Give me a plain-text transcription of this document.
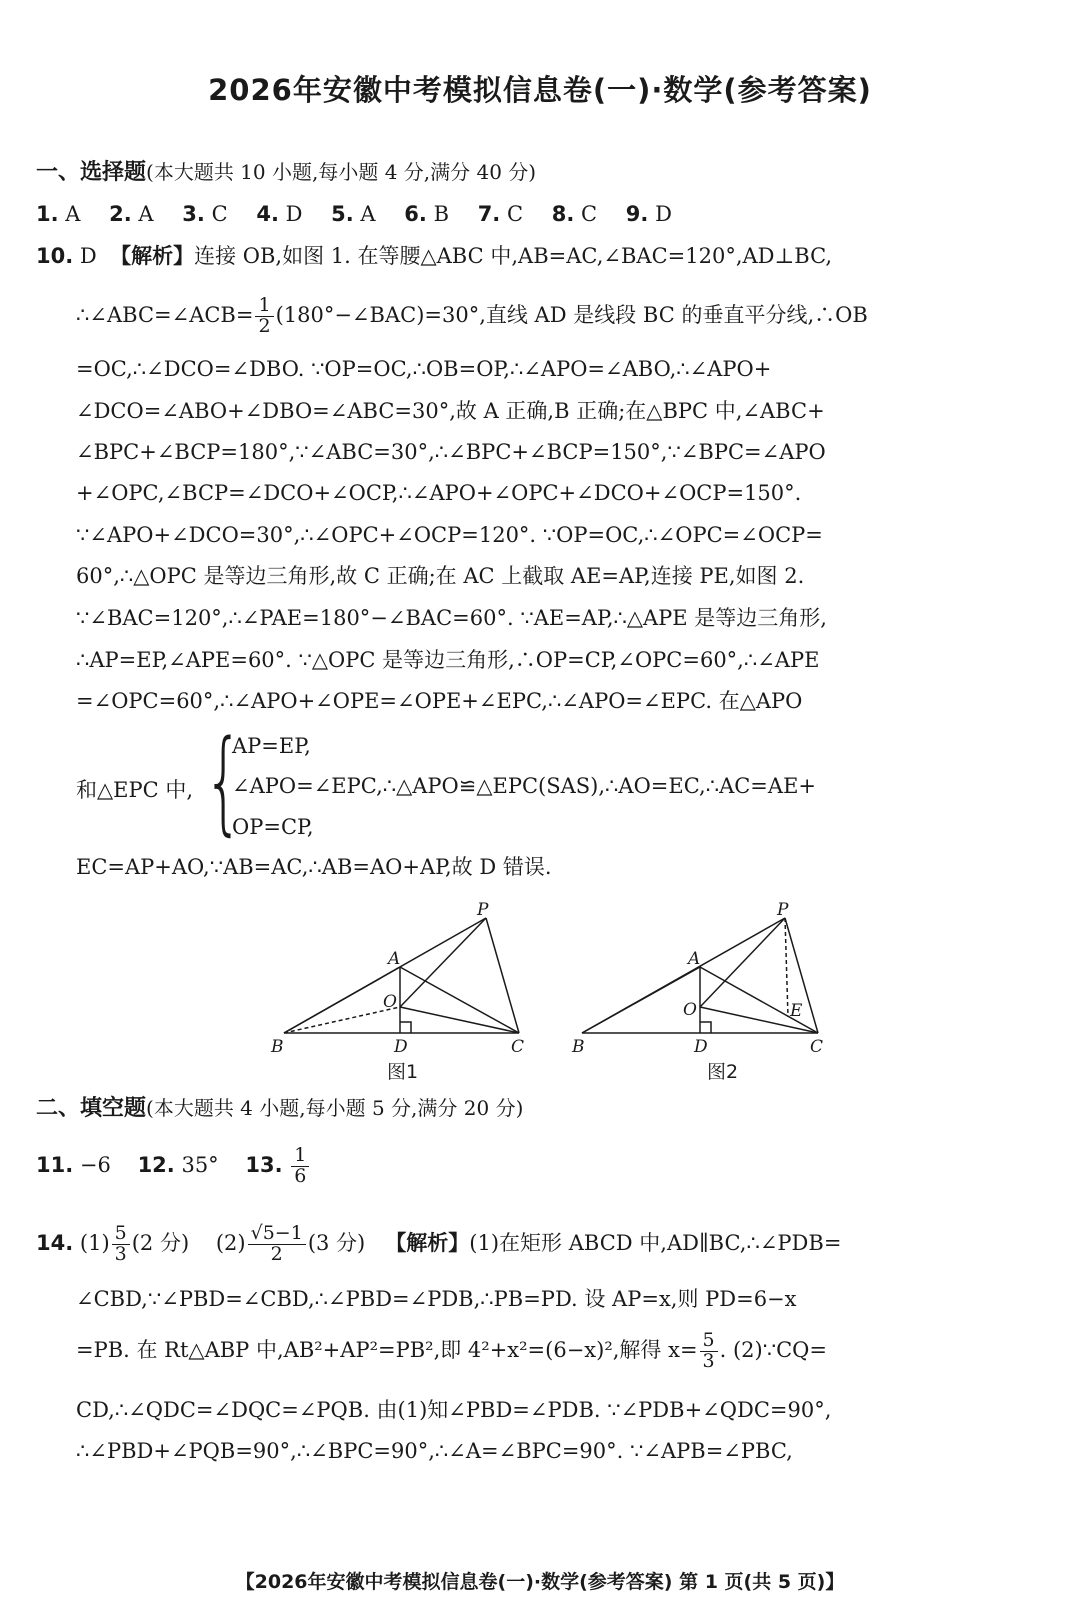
2026年安徽中考模拟信息卷(一)·数学(参考答案)
一、选择题(本大题共 10 小题,每小题 4 分,满分 40 分)
1. A 2. A 3. C 4. D 5. A 6. B 7. C 8. C 9. D
10. D 【解析】连接 OB,如图 1. 在等腰△ABC 中,AB=AC,∠BAC=120°,AD⊥BC,
∴∠ABC=∠ACB= $\frac{1}{2}$ (180°−∠BAC)=30°,直线 AD 是线段 BC 的垂直平分线,∴OB
=OC,∴∠DCO=∠DBO. ∵OP=OC,∴OB=OP,∴∠APO=∠ABO,∴∠APO+
∠DCO=∠ABO+∠DBO=∠ABC=30°,故 A 正确,B 正确;在△BPC 中,∠ABC+
∠BPC+∠BCP=180°,∵∠ABC=30°,∴∠BPC+∠BCP=150°,∵∠BPC=∠APO
+∠OPC,∠BCP=∠DCO+∠OCP,∴∠APO+∠OPC+∠DCO+∠OCP=150°.
∵∠APO+∠DCO=30°,∴∠OPC+∠OCP=120°. ∵OP=OC,∴∠OPC=∠OCP=
60°,∴△OPC 是等边三角形,故 C 正确;在 AC 上截取 AE=AP,连接 PE,如图 2.
∵∠BAC=120°,∴∠PAE=180°−∠BAC=60°. ∵AE=AP,∴△APE 是等边三角形,
∴AP=EP,∠APE=60°. ∵△OPC 是等边三角形,∴OP=CP,∠OPC=60°,∴∠APE
=∠OPC=60°,∴∠APO+∠OPE=∠OPE+∠EPC,∴∠APO=∠EPC. 在△APO
和△EPC 中, {
AP=EP,
∠APO=∠EPC,∴△APO≌△EPC(SAS),∴AO=EC,∴AC=AE+
OP=CP,
EC=AP+AO,∵AB=AC,∴AB=AO+AP,故 D 错误.
P
A
O
B	D	C
P
A
O	E
B	D	C
图1	图2
二、填空题(本大题共 4 小题,每小题 5 分,满分 20 分)
11. −6 12. 35° 13. $\frac{1}{6}$
14. $(1) \frac{5}{3} (2$ 分) $(2) \frac{√5-1}{2} (3$ 分) 【解析】(1)在矩形 ABCD 中,AD∥BC,∴∠PDB=
∠CBD,∵∠PBD=∠CBD,∴∠PBD=∠PDB,∴PB=PD. 设 AP=x,则 PD=6−x
=PB. 在 Rt△ABP 中,AB²+AP²=PB²,即 4²+x²=(6−x)²,解得 $x= \frac{5}{3}$ . (2)∵CQ=
CD,∴∠QDC=∠DQC=∠PQB. 由(1)知∠PBD=∠PDB. ∵∠PDB+∠QDC=90°,
∴∠PBD+∠PQB=90°,∴∠BPC=90°,∴∠A=∠BPC=90°. ∵∠APB=∠PBC,
【2026年安徽中考模拟信息卷(一)·数学(参考答案) 第 1 页(共 5 页)】
